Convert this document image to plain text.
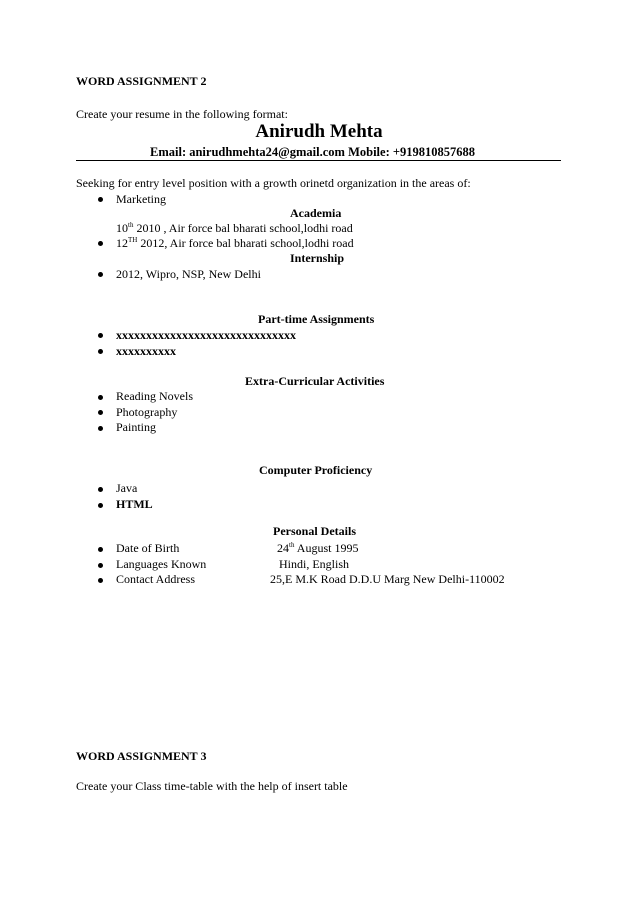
WORD ASSIGNMENT 2
Create your resume in the following format:
Anirudh Mehta
Email: anirudhmehta24@gmail.com Mobile: +919810857688
Seeking for entry level position with a growth orinetd organization in the areas of:
Marketing
Academia
10th 2010 , Air force bal bharati school,lodhi road
12TH 2012, Air force bal bharati school,lodhi road
Internship
2012, Wipro, NSP, New Delhi
Part-time Assignments
xxxxxxxxxxxxxxxxxxxxxxxxxxxxxx
xxxxxxxxxx
Extra-Curricular Activities
Reading Novels
Photography
Painting
Computer Proficiency
Java
HTML
Personal Details
Date of Birth	24th August 1995
Languages Known	Hindi, English
Contact Address	25,E M.K Road D.D.U Marg New Delhi-110002
WORD ASSIGNMENT 3
Create your Class time-table with the help of insert table
